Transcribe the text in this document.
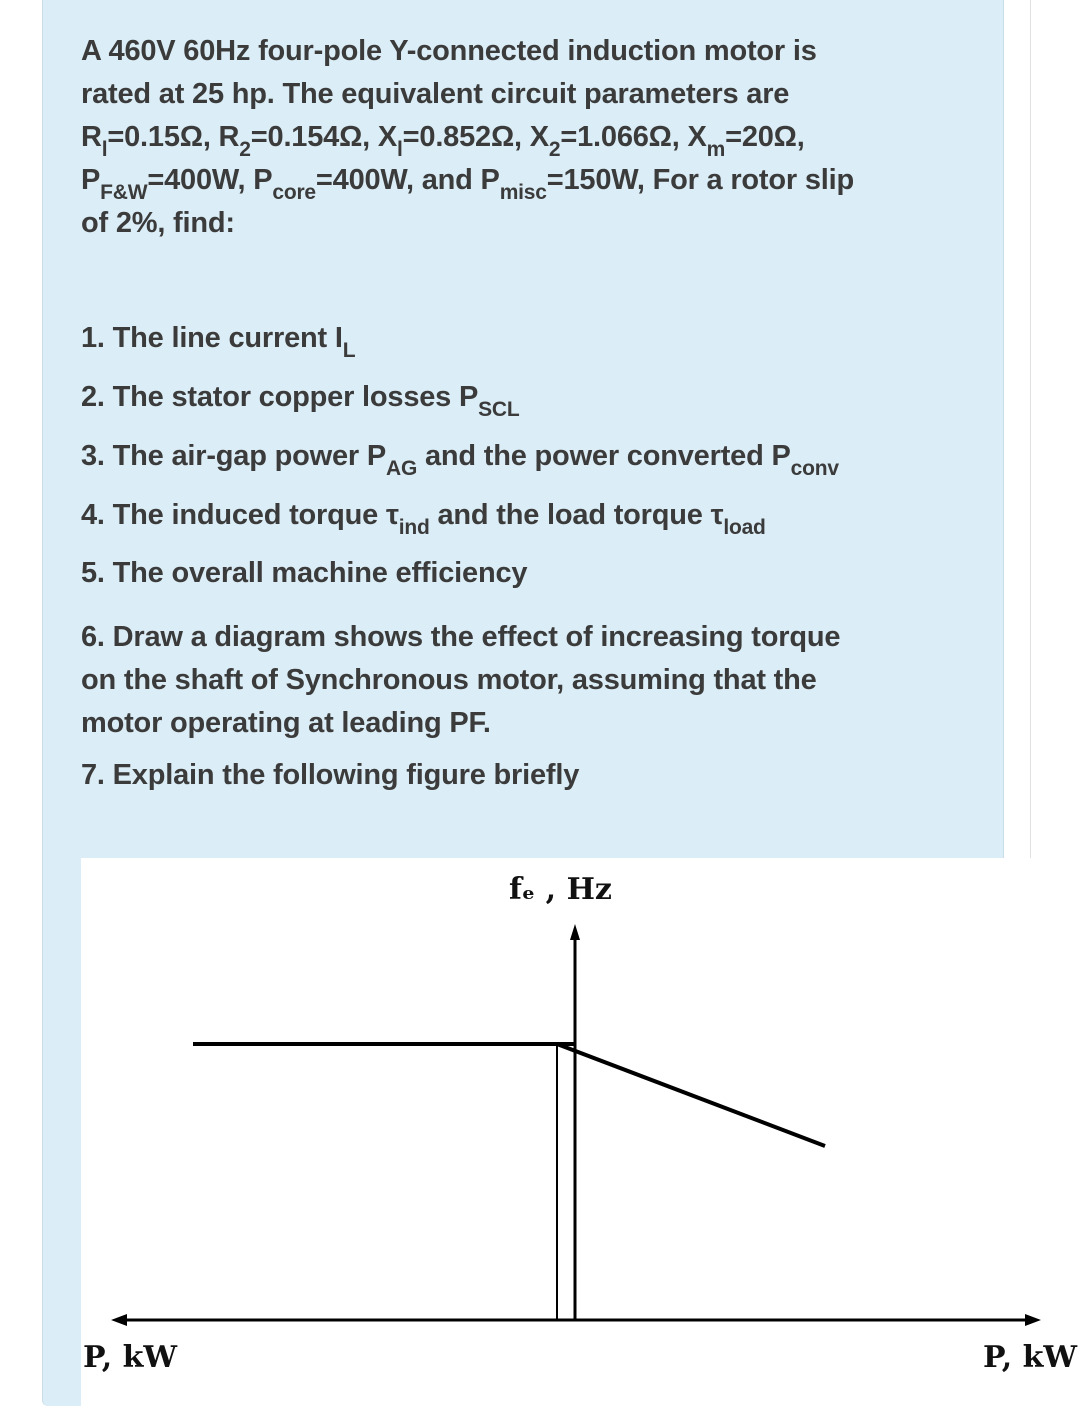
A 460V 60Hz four-pole Y-connected induction motor is

rated at 25 hp. The equivalent circuit parameters are

$R_l=0.15\Omega$, $R_2=0.154\Omega$, $X_l=0.852\Omega$, $X_2=1.066\Omega$, $X_m=20\Omega$,

$P_{F\&W}=400W$, $P_{core}=400W$, and $P_{misc}=150W$, For a rotor slip

of 2%, find:

1. The line current $I_L$
2. The stator copper losses $P_{SCL}$
3. The air-gap power $P_{AG}$ and the power converted $P_{conv}$
4. The induced torque $\tau_{ind}$ and the load torque $\tau_{load}$
5. The overall machine efficiency
6. Draw a diagram shows the effect of increasing torque
on the shaft of Synchronous motor, assuming that the
motor operating at leading PF.
7. Explain the following figure briefly
fₑ , Hz
P, kW	P, kW
